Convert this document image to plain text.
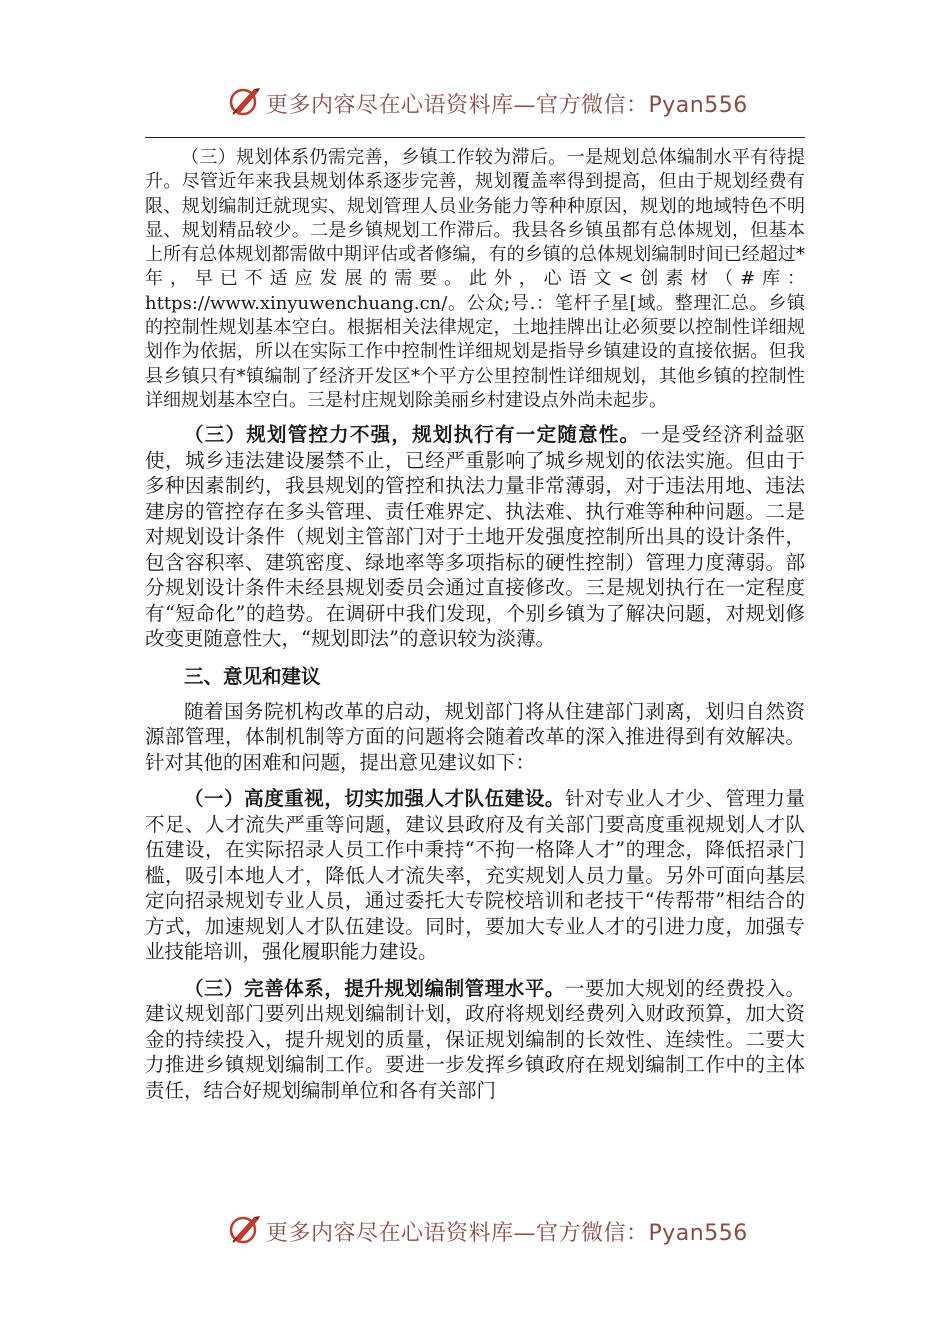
更多内容尽在心语资料库—官方微信：Pyan556

（三）规划体系仍需完善，乡镇工作较为滞后。一是规划总体编制水平有待提升。尽管近年来我县规划体系逐步完善，规划覆盖率得到提高，但由于规划经费有限、规划编制迁就现实、规划管理人员业务能力等种种原因，规划的地域特色不明显、规划精品较少。二是乡镇规划工作滞后。我县各乡镇虽都有总体规划，但基本上所有总体规划都需做中期评估或者修编，有的乡镇的总体规划编制时间已经超过*年，早已不适应发展的需要。此外，心语文<创素材（#库：https://www.xinyuwenchuang.cn/。公众;号.：笔杆子星[域。整理汇总。乡镇的控制性规划基本空白。根据相关法律规定，土地挂牌出让必须要以控制性详细规划作为依据，所以在实际工作中控制性详细规划是指导乡镇建设的直接依据。但我县乡镇只有*镇编制了经济开发区*个平方公里控制性详细规划，其他乡镇的控制性详细规划基本空白。三是村庄规划除美丽乡村建设点外尚未起步。

（三）规划管控力不强，规划执行有一定随意性。一是受经济利益驱使，城乡违法建设屡禁不止，已经严重影响了城乡规划的依法实施。但由于多种因素制约，我县规划的管控和执法力量非常薄弱，对于违法用地、违法建房的管控存在多头管理、责任难界定、执法难、执行难等种种问题。二是对规划设计条件（规划主管部门对于土地开发强度控制所出具的设计条件，包含容积率、建筑密度、绿地率等多项指标的硬性控制）管理力度薄弱。部分规划设计条件未经县规划委员会通过直接修改。三是规划执行在一定程度有“短命化”的趋势。在调研中我们发现，个别乡镇为了解决问题，对规划修改变更随意性大，“规划即法”的意识较为淡薄。

三、意见和建议

随着国务院机构改革的启动，规划部门将从住建部门剥离，划归自然资源部管理，体制机制等方面的问题将会随着改革的深入推进得到有效解决。针对其他的困难和问题，提出意见建议如下：

（一）高度重视，切实加强人才队伍建设。针对专业人才少、管理力量不足、人才流失严重等问题，建议县政府及有关部门要高度重视规划人才队伍建设，在实际招录人员工作中秉持“不拘一格降人才”的理念，降低招录门槛，吸引本地人才，降低人才流失率，充实规划人员力量。另外可面向基层定向招录规划专业人员，通过委托大专院校培训和老技干“传帮带”相结合的方式，加速规划人才队伍建设。同时，要加大专业人才的引进力度，加强专业技能培训，强化履职能力建设。

（三）完善体系，提升规划编制管理水平。一要加大规划的经费投入。建议规划部门要列出规划编制计划，政府将规划经费列入财政预算，加大资金的持续投入，提升规划的质量，保证规划编制的长效性、连续性。二要大力推进乡镇规划编制工作。要进一步发挥乡镇政府在规划编制工作中的主体责任，结合好规划编制单位和各有关部门

更多内容尽在心语资料库—官方微信：Pyan556
